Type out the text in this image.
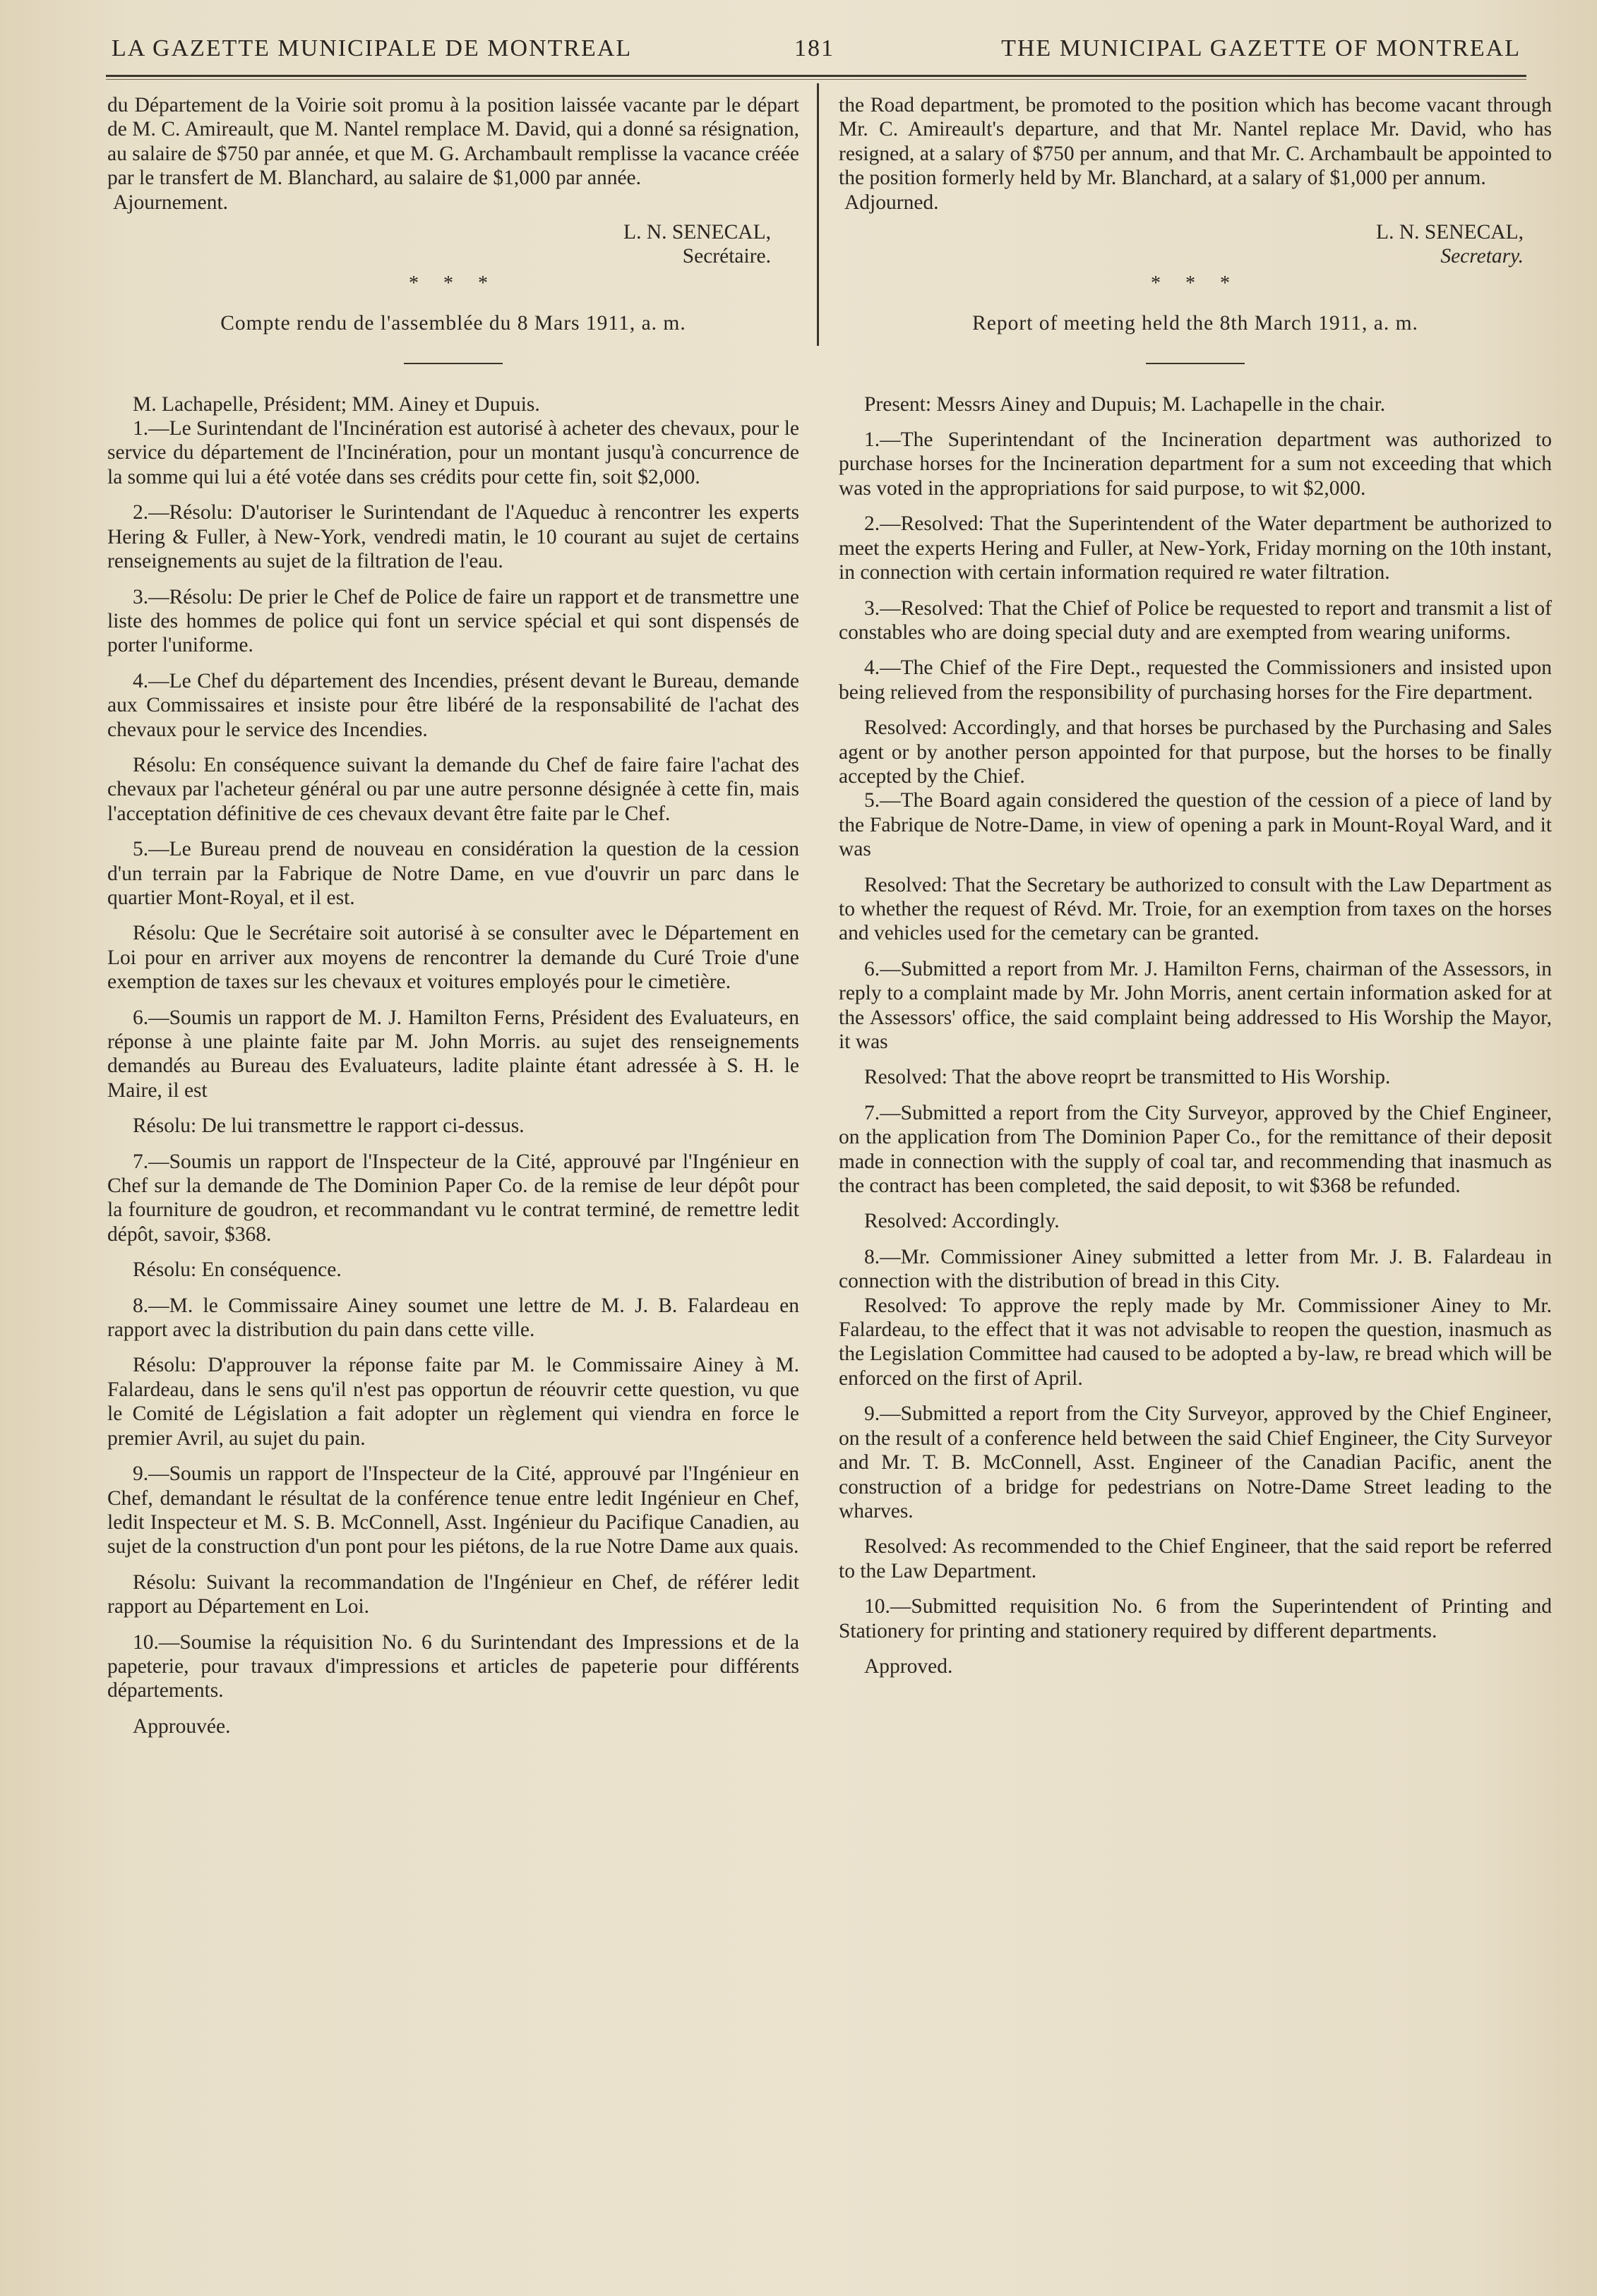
LA GAZETTE MUNICIPALE DE MONTREAL	181	THE MUNICIPAL GAZETTE OF MONTREAL

du Département de la Voirie soit promu à la position laissée vacante par le départ de M. C. Amireault, que M. Nantel remplace M. David, qui a donné sa résignation, au salaire de $750 par année, et que M. G. Archambault remplisse la vacance créée par le transfert de M. Blanchard, au salaire de $1,000 par année.

Ajournement.

L. N. SENECAL,
Secrétaire.
* * *
Compte rendu de l'assemblée du 8 Mars 1911, a. m.

M. Lachapelle, Président; MM. Ainey et Dupuis.

1.—Le Surintendant de l'Incinération est autorisé à acheter des chevaux, pour le service du département de l'Incinération, pour un montant jusqu'à concurrence de la somme qui lui a été votée dans ses crédits pour cette fin, soit $2,000.

2.—Résolu: D'autoriser le Surintendant de l'Aqueduc à rencontrer les experts Hering & Fuller, à New-York, vendredi matin, le 10 courant au sujet de certains renseignements au sujet de la filtration de l'eau.

3.—Résolu: De prier le Chef de Police de faire un rapport et de transmettre une liste des hommes de police qui font un service spécial et qui sont dispensés de porter l'uniforme.

4.—Le Chef du département des Incendies, présent devant le Bureau, demande aux Commissaires et insiste pour être libéré de la responsabilité de l'achat des chevaux pour le service des Incendies.

Résolu: En conséquence suivant la demande du Chef de faire faire l'achat des chevaux par l'acheteur général ou par une autre personne désignée à cette fin, mais l'acceptation définitive de ces chevaux devant être faite par le Chef.

5.—Le Bureau prend de nouveau en considération la question de la cession d'un terrain par la Fabrique de Notre Dame, en vue d'ouvrir un parc dans le quartier Mont-Royal, et il est.

Résolu: Que le Secrétaire soit autorisé à se consulter avec le Département en Loi pour en arriver aux moyens de rencontrer la demande du Curé Troie d'une exemption de taxes sur les chevaux et voitures employés pour le cimetière.

6.—Soumis un rapport de M. J. Hamilton Ferns, Président des Evaluateurs, en réponse à une plainte faite par M. John Morris. au sujet des renseignements demandés au Bureau des Evaluateurs, ladite plainte étant adressée à S. H. le Maire, il est

Résolu: De lui transmettre le rapport ci-dessus.

7.—Soumis un rapport de l'Inspecteur de la Cité, approuvé par l'Ingénieur en Chef sur la demande de The Dominion Paper Co. de la remise de leur dépôt pour la fourniture de goudron, et recommandant vu le contrat terminé, de remettre ledit dépôt, savoir, $368.

Résolu: En conséquence.

8.—M. le Commissaire Ainey soumet une lettre de M. J. B. Falardeau en rapport avec la distribution du pain dans cette ville.

Résolu: D'approuver la réponse faite par M. le Commissaire Ainey à M. Falardeau, dans le sens qu'il n'est pas opportun de réouvrir cette question, vu que le Comité de Législation a fait adopter un règlement qui viendra en force le premier Avril, au sujet du pain.

9.—Soumis un rapport de l'Inspecteur de la Cité, approuvé par l'Ingénieur en Chef, demandant le résultat de la conférence tenue entre ledit Ingénieur en Chef, ledit Inspecteur et M. S. B. McConnell, Asst. Ingénieur du Pacifique Canadien, au sujet de la construction d'un pont pour les piétons, de la rue Notre Dame aux quais.

Résolu: Suivant la recommandation de l'Ingénieur en Chef, de référer ledit rapport au Département en Loi.

10.—Soumise la réquisition No. 6 du Surintendant des Impressions et de la papeterie, pour travaux d'impressions et articles de papeterie pour différents départements.

Approuvée.

the Road department, be promoted to the position which has become vacant through Mr. C. Amireault's departure, and that Mr. Nantel replace Mr. David, who has resigned, at a salary of $750 per annum, and that Mr. C. Archambault be appointed to the position formerly held by Mr. Blanchard, at a salary of $1,000 per annum.

Adjourned.

L. N. SENECAL,
Secretary.
* * *
Report of meeting held the 8th March 1911, a. m.

Present: Messrs Ainey and Dupuis; M. Lachapelle in the chair.

1.—The Superintendant of the Incineration department was authorized to purchase horses for the Incineration department for a sum not exceeding that which was voted in the appropriations for said purpose, to wit $2,000.

2.—Resolved: That the Superintendent of the Water department be authorized to meet the experts Hering and Fuller, at New-York, Friday morning on the 10th instant, in connection with certain information required re water filtration.

3.—Resolved: That the Chief of Police be requested to report and transmit a list of constables who are doing special duty and are exempted from wearing uniforms.

4.—The Chief of the Fire Dept., requested the Commissioners and insisted upon being relieved from the responsibility of purchasing horses for the Fire department.

Resolved: Accordingly, and that horses be purchased by the Purchasing and Sales agent or by another person appointed for that purpose, but the horses to be finally accepted by the Chief.

5.—The Board again considered the question of the cession of a piece of land by the Fabrique de Notre-Dame, in view of opening a park in Mount-Royal Ward, and it was

Resolved: That the Secretary be authorized to consult with the Law Department as to whether the request of Révd. Mr. Troie, for an exemption from taxes on the horses and vehicles used for the cemetary can be granted.

6.—Submitted a report from Mr. J. Hamilton Ferns, chairman of the Assessors, in reply to a complaint made by Mr. John Morris, anent certain information asked for at the Assessors' office, the said complaint being addressed to His Worship the Mayor, it was

Resolved: That the above reoprt be transmitted to His Worship.

7.—Submitted a report from the City Surveyor, approved by the Chief Engineer, on the application from The Dominion Paper Co., for the remittance of their deposit made in connection with the supply of coal tar, and recommending that inasmuch as the contract has been completed, the said deposit, to wit $368 be refunded.

Resolved: Accordingly.

8.—Mr. Commissioner Ainey submitted a letter from Mr. J. B. Falardeau in connection with the distribution of bread in this City.

Resolved: To approve the reply made by Mr. Commissioner Ainey to Mr. Falardeau, to the effect that it was not advisable to reopen the question, inasmuch as the Legislation Committee had caused to be adopted a by-law, re bread which will be enforced on the first of April.

9.—Submitted a report from the City Surveyor, approved by the Chief Engineer, on the result of a conference held between the said Chief Engineer, the City Surveyor and Mr. T. B. McConnell, Asst. Engineer of the Canadian Pacific, anent the construction of a bridge for pedestrians on Notre-Dame Street leading to the wharves.

Resolved: As recommended to the Chief Engineer, that the said report be referred to the Law Department.

10.—Submitted requisition No. 6 from the Superintendent of Printing and Stationery for printing and stationery required by different departments.

Approved.
